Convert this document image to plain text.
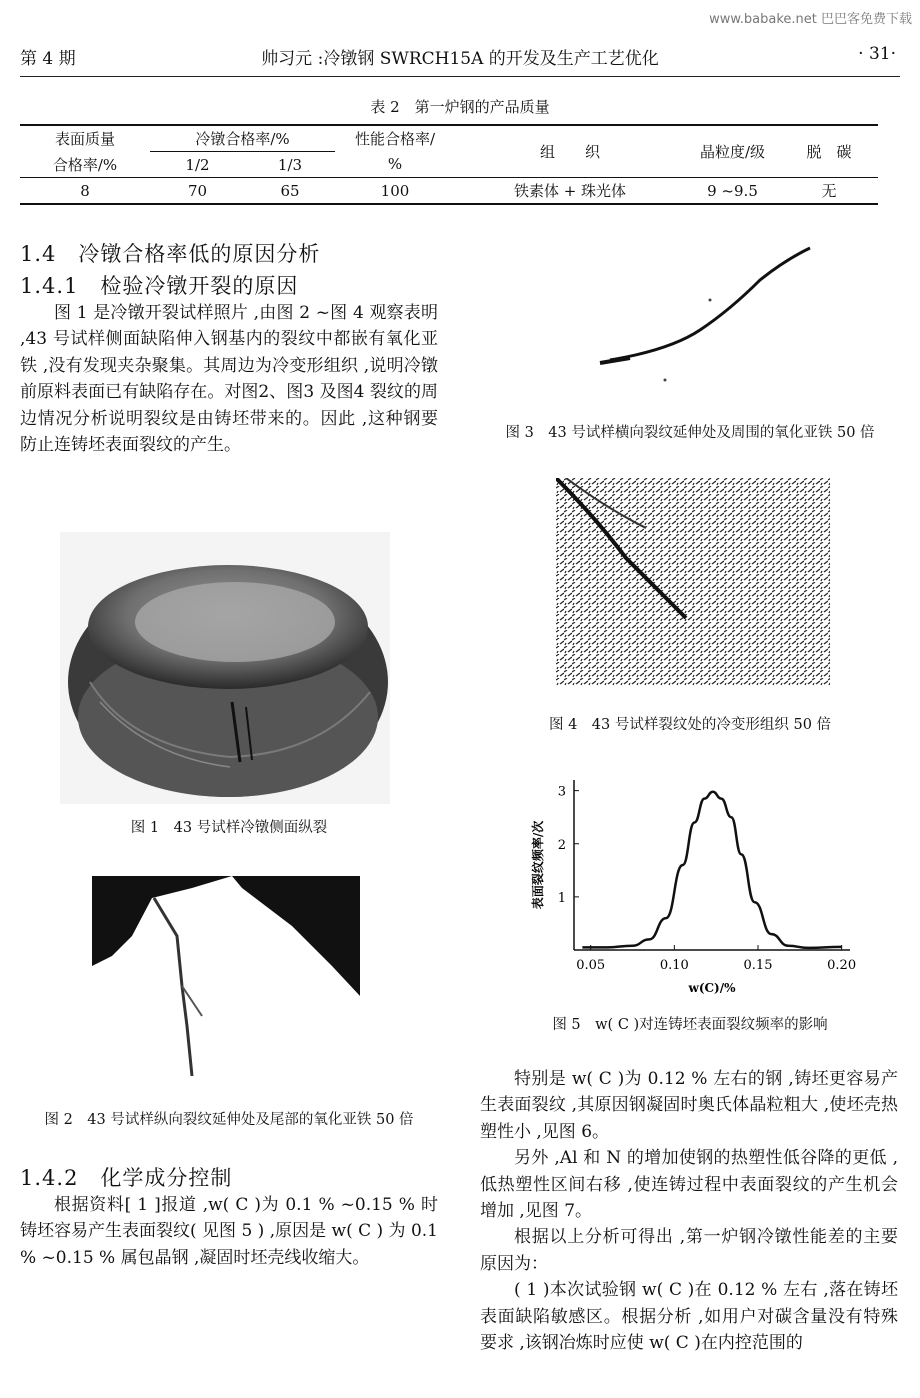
www.babake.net 巴巴客免费下载
第 4 期	帅习元 :冷镦钢 SWRCH15A 的开发及生产工艺优化	· 31·
表 2　第一炉钢的产品质量
表面质量	冷镦合格率/%		性能合格率/	组　　织	晶粒度/级	脱　碳
合格率/%	1/2	1/3	%			
8	70	65	100	铁素体 + 珠光体	9 ~9.5	无
1.4　冷镦合格率低的原因分析
1.4.1　检验冷镦开裂的原因

图 1 是冷镦开裂试样照片 ,由图 2 ~图 4 观察表明 ,43 号试样侧面缺陷伸入钢基内的裂纹中都嵌有氧化亚铁 ,没有发现夹杂聚集。其周边为冷变形组织 ,说明冷镦前原料表面已有缺陷存在。对图2、图3 及图4 裂纹的周边情况分析说明裂纹是由铸坯带来的。因此 ,这种钢要防止连铸坯表面裂纹的产生。

图 1　43 号试样冷镦侧面纵裂
图 2　43 号试样纵向裂纹延伸处及尾部的氧化亚铁 50 倍
1.4.2　化学成分控制

根据资料[ 1 ]报道 ,w( C )为 0.1 % ~0.15 % 时铸坯容易产生表面裂纹( 见图 5 ) ,原因是 w( C ) 为 0.1 % ~0.15 % 属包晶钢 ,凝固时坯壳线收缩大。

图 3　43 号试样横向裂纹延伸处及周围的氧化亚铁 50 倍
图 4　43 号试样裂纹处的冷变形组织 50 倍
0.05	0.10	0.15	0.20
1
2
3
w(C)/%
表面裂纹频率/次
图 5　w( C )对连铸坯表面裂纹频率的影响

特别是 w( C )为 0.12 % 左右的钢 ,铸坯更容易产生表面裂纹 ,其原因钢凝固时奥氏体晶粒粗大 ,使坯壳热塑性小 ,见图 6。

另外 ,Al 和 N 的增加使钢的热塑性低谷降的更低 ,低热塑性区间右移 ,使连铸过程中表面裂纹的产生机会增加 ,见图 7。

根据以上分析可得出 ,第一炉钢冷镦性能差的主要原因为：

( 1 )本次试验钢 w( C )在 0.12 % 左右 ,落在铸坯表面缺陷敏感区。根据分析 ,如用户对碳含量没有特殊要求 ,该钢冶炼时应使 w( C )在内控范围的
